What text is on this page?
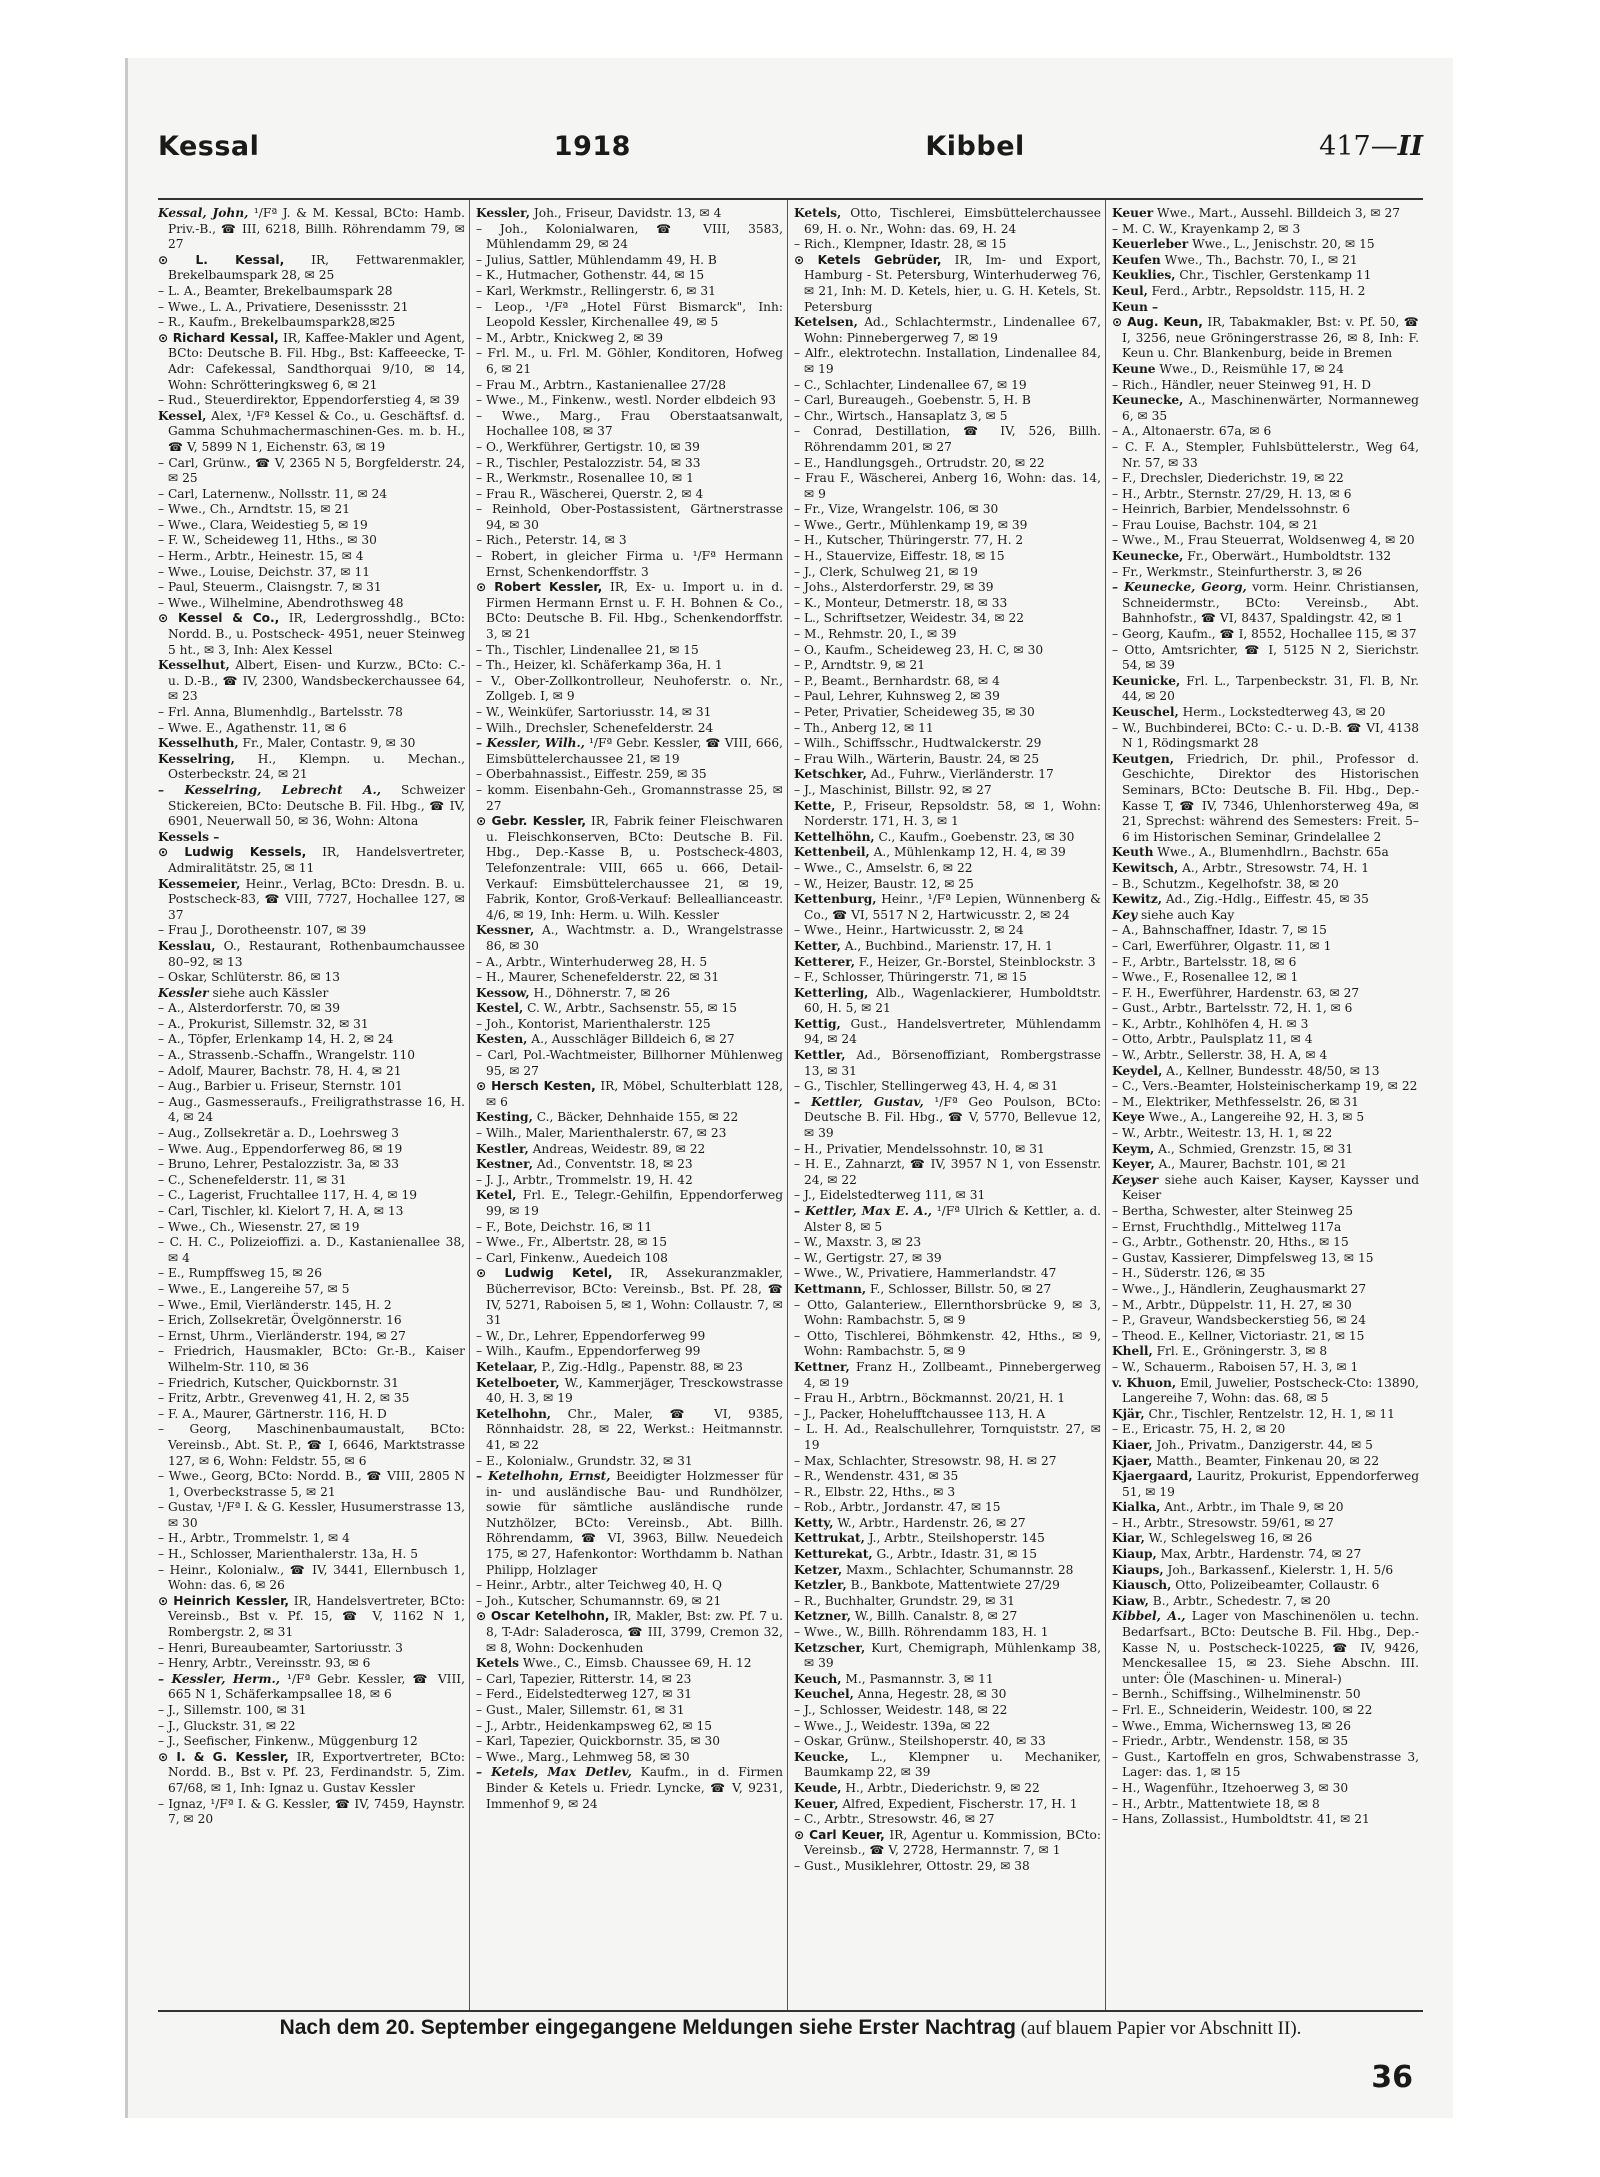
Kessal	1918	Kibbel	417—II

Kessal, John, ¹/Fª J. & M. Kessal, BCto: Hamb. Priv.-B., ☎ III, 6218, Billh. Röhrendamm 79, ✉ 27

⊙ L. Kessal, IR, Fettwarenmakler, Brekelbaumspark 28, ✉ 25

– L. A., Beamter, Brekelbaumspark 28

– Wwe., L. A., Privatiere, Desenissstr. 21

– R., Kaufm., Brekelbaumspark28,✉25

⊙ Richard Kessal, IR, Kaffee-Makler und Agent, BCto: Deutsche B. Fil. Hbg., Bst: Kaffeeecke, T-Adr: Cafekessal, Sandthorquai 9/10, ✉ 14, Wohn: Schrötteringksweg 6, ✉ 21

– Rud., Steuerdirektor, Eppendorferstieg 4, ✉ 39

Kessel, Alex, ¹/Fª Kessel & Co., u. Geschäftsf. d. Gamma Schuhmachermaschinen-Ges. m. b. H., ☎ V, 5899 N 1, Eichenstr. 63, ✉ 19

– Carl, Grünw., ☎ V, 2365 N 5, Borgfelderstr. 24, ✉ 25

– Carl, Laternenw., Nollsstr. 11, ✉ 24

– Wwe., Ch., Arndtstr. 15, ✉ 21

– Wwe., Clara, Weidestieg 5, ✉ 19

– F. W., Scheideweg 11, Hths., ✉ 30

– Herm., Arbtr., Heinestr. 15, ✉ 4

– Wwe., Louise, Deichstr. 37, ✉ 11

– Paul, Steuerm., Claisngstr. 7, ✉ 31

– Wwe., Wilhelmine, Abendrothsweg 48

⊙ Kessel & Co., IR, Ledergrosshdlg., BCto: Nordd. B., u. Postscheck- 4951, neuer Steinweg 5 ht., ✉ 3, Inh: Alex Kessel

Kesselhut, Albert, Eisen- und Kurzw., BCto: C.- u. D.-B., ☎ IV, 2300, Wandsbeckerchaussee 64, ✉ 23

– Frl. Anna, Blumenhdlg., Bartelsstr. 78

– Wwe. E., Agathenstr. 11, ✉ 6

Kesselhuth, Fr., Maler, Contastr. 9, ✉ 30

Kesselring, H., Klempn. u. Mechan., Osterbeckstr. 24, ✉ 21

– Kesselring, Lebrecht A., Schweizer Stickereien, BCto: Deutsche B. Fil. Hbg., ☎ IV, 6901, Neuerwall 50, ✉ 36, Wohn: Altona

Kessels –

⊙ Ludwig Kessels, IR, Handelsvertreter, Admiralitätstr. 25, ✉ 11

Kessemeier, Heinr., Verlag, BCto: Dresdn. B. u. Postscheck-83, ☎ VIII, 7727, Hochallee 127, ✉ 37

– Frau J., Dorotheenstr. 107, ✉ 39

Kesslau, O., Restaurant, Rothenbaumchaussee 80–92, ✉ 13

– Oskar, Schlüterstr. 86, ✉ 13

Kessler siehe auch Kässler

– A., Alsterdorferstr. 70, ✉ 39

– A., Prokurist, Sillemstr. 32, ✉ 31

– A., Töpfer, Erlenkamp 14, H. 2, ✉ 24

– A., Strassenb.-Schaffn., Wrangelstr. 110

– Adolf, Maurer, Bachstr. 78, H. 4, ✉ 21

– Aug., Barbier u. Friseur, Sternstr. 101

– Aug., Gasmesseraufs., Freiligrathstrasse 16, H. 4, ✉ 24

– Aug., Zollsekretär a. D., Loehrsweg 3

– Wwe. Aug., Eppendorferweg 86, ✉ 19

– Bruno, Lehrer, Pestalozzistr. 3a, ✉ 33

– C., Schenefelderstr. 11, ✉ 31

– C., Lagerist, Fruchtallee 117, H. 4, ✉ 19

– Carl, Tischler, kl. Kielort 7, H. A, ✉ 13

– Wwe., Ch., Wiesenstr. 27, ✉ 19

– C. H. C., Polizeioffizi. a. D., Kastanienallee 38, ✉ 4

– E., Rumpffsweg 15, ✉ 26

– Wwe., E., Langereihe 57, ✉ 5

– Wwe., Emil, Vierländerstr. 145, H. 2

– Erich, Zollsekretär, Övelgönnerstr. 16

– Ernst, Uhrm., Vierländerstr. 194, ✉ 27

– Friedrich, Hausmakler, BCto: Gr.-B., Kaiser Wilhelm-Str. 110, ✉ 36

– Friedrich, Kutscher, Quickbornstr. 31

– Fritz, Arbtr., Grevenweg 41, H. 2, ✉ 35

– F. A., Maurer, Gärtnerstr. 116, H. D

– Georg, Maschinenbaumaustalt, BCto: Vereinsb., Abt. St. P., ☎ I, 6646, Marktstrasse 127, ✉ 6, Wohn: Feldstr. 55, ✉ 6

– Wwe., Georg, BCto: Nordd. B., ☎ VIII, 2805 N 1, Overbeckstrasse 5, ✉ 21

– Gustav, ¹/Fª I. & G. Kessler, Husumerstrasse 13, ✉ 30

– H., Arbtr., Trommelstr. 1, ✉ 4

– H., Schlosser, Marienthalerstr. 13a, H. 5

– Heinr., Kolonialw., ☎ IV, 3441, Ellernbusch 1, Wohn: das. 6, ✉ 26

⊙ Heinrich Kessler, IR, Handelsvertreter, BCto: Vereinsb., Bst v. Pf. 15, ☎ V, 1162 N 1, Rombergstr. 2, ✉ 31

– Henri, Bureaubeamter, Sartoriusstr. 3

– Henry, Arbtr., Vereinsstr. 93, ✉ 6

– Kessler, Herm., ¹/Fª Gebr. Kessler, ☎ VIII, 665 N 1, Schäferkampsallee 18, ✉ 6

– J., Sillemstr. 100, ✉ 31

– J., Gluckstr. 31, ✉ 22

– J., Seefischer, Finkenw., Müggenburg 12

⊙ I. & G. Kessler, IR, Exportvertreter, BCto: Nordd. B., Bst v. Pf. 23, Ferdinandstr. 5, Zim. 67/68, ✉ 1, Inh: Ignaz u. Gustav Kessler

– Ignaz, ¹/Fª I. & G. Kessler, ☎ IV, 7459, Haynstr. 7, ✉ 20

Kessler, Joh., Friseur, Davidstr. 13, ✉ 4

– Joh., Kolonialwaren, ☎ VIII, 3583, Mühlendamm 29, ✉ 24

– Julius, Sattler, Mühlendamm 49, H. B

– K., Hutmacher, Gothenstr. 44, ✉ 15

– Karl, Werkmstr., Rellingerstr. 6, ✉ 31

– Leop., ¹/Fª „Hotel Fürst Bismarck", Inh: Leopold Kessler, Kirchenallee 49, ✉ 5

– M., Arbtr., Knickweg 2, ✉ 39

– Frl. M., u. Frl. M. Göhler, Konditoren, Hofweg 6, ✉ 21

– Frau M., Arbtrn., Kastanienallee 27/28

– Wwe., M., Finkenw., westl. Norder elbdeich 93

– Wwe., Marg., Frau Oberstaatsanwalt, Hochallee 108, ✉ 37

– O., Werkführer, Gertigstr. 10, ✉ 39

– R., Tischler, Pestalozzistr. 54, ✉ 33

– R., Werkmstr., Rosenallee 10, ✉ 1

– Frau R., Wäscherei, Querstr. 2, ✉ 4

– Reinhold, Ober-Postassistent, Gärtnerstrasse 94, ✉ 30

– Rich., Peterstr. 14, ✉ 3

– Robert, in gleicher Firma u. ¹/Fª Hermann Ernst, Schenkendorffstr. 3

⊙ Robert Kessler, IR, Ex- u. Import u. in d. Firmen Hermann Ernst u. F. H. Bohnen & Co., BCto: Deutsche B. Fil. Hbg., Schenkendorffstr. 3, ✉ 21

– Th., Tischler, Lindenallee 21, ✉ 15

– Th., Heizer, kl. Schäferkamp 36a, H. 1

– V., Ober-Zollkontrolleur, Neuhoferstr. o. Nr., Zollgeb. I, ✉ 9

– W., Weinküfer, Sartoriusstr. 14, ✉ 31

– Wilh., Drechsler, Schenefelderstr. 24

– Kessler, Wilh., ¹/Fª Gebr. Kessler, ☎ VIII, 666, Eimsbüttelerchaussee 21, ✉ 19

– Oberbahnassist., Eiffestr. 259, ✉ 35

– komm. Eisenbahn-Geh., Gromannstrasse 25, ✉ 27

⊙ Gebr. Kessler, IR, Fabrik feiner Fleischwaren u. Fleischkonserven, BCto: Deutsche B. Fil. Hbg., Dep.-Kasse B, u. Postscheck-4803, Telefonzentrale: VIII, 665 u. 666, Detail-Verkauf: Eimsbüttelerchaussee 21, ✉ 19, Fabrik, Kontor, Groß-Verkauf: Belleallianceastr. 4/6, ✉ 19, Inh: Herm. u. Wilh. Kessler

Kessner, A., Wachtmstr. a. D., Wrangelstrasse 86, ✉ 30

– A., Arbtr., Winterhuderweg 28, H. 5

– H., Maurer, Schenefelderstr. 22, ✉ 31

Kessow, H., Döhnerstr. 7, ✉ 26

Kestel, C. W., Arbtr., Sachsenstr. 55, ✉ 15

– Joh., Kontorist, Marienthalerstr. 125

Kesten, A., Ausschläger Billdeich 6, ✉ 27

– Carl, Pol.-Wachtmeister, Billhorner Mühlenweg 95, ✉ 27

⊙ Hersch Kesten, IR, Möbel, Schulterblatt 128, ✉ 6

Kesting, C., Bäcker, Dehnhaide 155, ✉ 22

– Wilh., Maler, Marienthalerstr. 67, ✉ 23

Kestler, Andreas, Weidestr. 89, ✉ 22

Kestner, Ad., Conventstr. 18, ✉ 23

– J. J., Arbtr., Trommelstr. 19, H. 42

Ketel, Frl. E., Telegr.-Gehilfin, Eppendorferweg 99, ✉ 19

– F., Bote, Deichstr. 16, ✉ 11

– Wwe., Fr., Albertstr. 28, ✉ 15

– Carl, Finkenw., Auedeich 108

⊙ Ludwig Ketel, IR, Assekuranzmakler, Bücherrevisor, BCto: Vereinsb., Bst. Pf. 28, ☎ IV, 5271, Raboisen 5, ✉ 1, Wohn: Collaustr. 7, ✉ 31

– W., Dr., Lehrer, Eppendorferweg 99

– Wilh., Kaufm., Eppendorferweg 99

Ketelaar, P., Zig.-Hdlg., Papenstr. 88, ✉ 23

Ketelboeter, W., Kammerjäger, Tresckowstrasse 40, H. 3, ✉ 19

Ketelhohn, Chr., Maler, ☎ VI, 9385, Rönnhaidstr. 28, ✉ 22, Werkst.: Heitmannstr. 41, ✉ 22

– E., Kolonialw., Grundstr. 32, ✉ 31

– Ketelhohn, Ernst, Beeidigter Holzmesser für in- und ausländische Bau- und Rundhölzer, sowie für sämtliche ausländische runde Nutzhölzer, BCto: Vereinsb., Abt. Billh. Röhrendamm, ☎ VI, 3963, Billw. Neuedeich 175, ✉ 27, Hafenkontor: Worthdamm b. Nathan Philipp, Holzlager

– Heinr., Arbtr., alter Teichweg 40, H. Q

– Joh., Kutscher, Schumannstr. 69, ✉ 21

⊙ Oscar Ketelhohn, IR, Makler, Bst: zw. Pf. 7 u. 8, T-Adr: Saladerosca, ☎ III, 3799, Cremon 32, ✉ 8, Wohn: Dockenhuden

Ketels Wwe., C., Eimsb. Chaussee 69, H. 12

– Carl, Tapezier, Ritterstr. 14, ✉ 23

– Ferd., Eidelstedterweg 127, ✉ 31

– Gust., Maler, Sillemstr. 61, ✉ 31

– J., Arbtr., Heidenkampsweg 62, ✉ 15

– Karl, Tapezier, Quickbornstr. 35, ✉ 30

– Wwe., Marg., Lehmweg 58, ✉ 30

– Ketels, Max Detlev, Kaufm., in d. Firmen Binder & Ketels u. Friedr. Lyncke, ☎ V, 9231, Immenhof 9, ✉ 24

Ketels, Otto, Tischlerei, Eimsbüttelerchaussee 69, H. o. Nr., Wohn: das. 69, H. 24

– Rich., Klempner, Idastr. 28, ✉ 15

⊙ Ketels Gebrüder, IR, Im- und Export, Hamburg - St. Petersburg, Winterhuderweg 76, ✉ 21, Inh: M. D. Ketels, hier, u. G. H. Ketels, St. Petersburg

Ketelsen, Ad., Schlachtermstr., Lindenallee 67, Wohn: Pinnebergerweg 7, ✉ 19

– Alfr., elektrotechn. Installation, Lindenallee 84, ✉ 19

– C., Schlachter, Lindenallee 67, ✉ 19

– Carl, Bureaugeh., Goebenstr. 5, H. B

– Chr., Wirtsch., Hansaplatz 3, ✉ 5

– Conrad, Destillation, ☎ IV, 526, Billh. Röhrendamm 201, ✉ 27

– E., Handlungsgeh., Ortrudstr. 20, ✉ 22

– Frau F., Wäscherei, Anberg 16, Wohn: das. 14, ✉ 9

– Fr., Vize, Wrangelstr. 106, ✉ 30

– Wwe., Gertr., Mühlenkamp 19, ✉ 39

– H., Kutscher, Thüringerstr. 77, H. 2

– H., Stauervize, Eiffestr. 18, ✉ 15

– J., Clerk, Schulweg 21, ✉ 19

– Johs., Alsterdorferstr. 29, ✉ 39

– K., Monteur, Detmerstr. 18, ✉ 33

– L., Schriftsetzer, Weidestr. 34, ✉ 22

– M., Rehmstr. 20, I., ✉ 39

– O., Kaufm., Scheideweg 23, H. C, ✉ 30

– P., Arndtstr. 9, ✉ 21

– P., Beamt., Bernhardstr. 68, ✉ 4

– Paul, Lehrer, Kuhnsweg 2, ✉ 39

– Peter, Privatier, Scheideweg 35, ✉ 30

– Th., Anberg 12, ✉ 11

– Wilh., Schiffsschr., Hudtwalckerstr. 29

– Frau Wilh., Wärterin, Baustr. 24, ✉ 25

Ketschker, Ad., Fuhrw., Vierländerstr. 17

– J., Maschinist, Billstr. 92, ✉ 27

Kette, P., Friseur, Repsoldstr. 58, ✉ 1, Wohn: Norderstr. 171, H. 3, ✉ 1

Kettelhöhn, C., Kaufm., Goebenstr. 23, ✉ 30

Kettenbeil, A., Mühlenkamp 12, H. 4, ✉ 39

– Wwe., C., Amselstr. 6, ✉ 22

– W., Heizer, Baustr. 12, ✉ 25

Kettenburg, Heinr., ¹/Fª Lepien, Wünnenberg & Co., ☎ VI, 5517 N 2, Hartwicusstr. 2, ✉ 24

– Wwe., Heinr., Hartwicusstr. 2, ✉ 24

Ketter, A., Buchbind., Marienstr. 17, H. 1

Ketterer, F., Heizer, Gr.-Borstel, Steinblockstr. 3

– F., Schlosser, Thüringerstr. 71, ✉ 15

Ketterling, Alb., Wagenlackierer, Humboldtstr. 60, H. 5, ✉ 21

Kettig, Gust., Handelsvertreter, Mühlendamm 94, ✉ 24

Kettler, Ad., Börsenoffiziant, Rombergstrasse 13, ✉ 31

– G., Tischler, Stellingerweg 43, H. 4, ✉ 31

– Kettler, Gustav, ¹/Fª Geo Poulson, BCto: Deutsche B. Fil. Hbg., ☎ V, 5770, Bellevue 12, ✉ 39

– H., Privatier, Mendelssohnstr. 10, ✉ 31

– H. E., Zahnarzt, ☎ IV, 3957 N 1, von Essenstr. 24, ✉ 22

– J., Eidelstedterweg 111, ✉ 31

– Kettler, Max E. A., ¹/Fª Ulrich & Kettler, a. d. Alster 8, ✉ 5

– W., Maxstr. 3, ✉ 23

– W., Gertigstr. 27, ✉ 39

– Wwe., W., Privatiere, Hammerlandstr. 47

Kettmann, F., Schlosser, Billstr. 50, ✉ 27

– Otto, Galanteriew., Ellernthorsbrücke 9, ✉ 3, Wohn: Rambachstr. 5, ✉ 9

– Otto, Tischlerei, Böhmkenstr. 42, Hths., ✉ 9, Wohn: Rambachstr. 5, ✉ 9

Kettner, Franz H., Zollbeamt., Pinnebergerweg 4, ✉ 19

– Frau H., Arbtrn., Böckmannst. 20/21, H. 1

– J., Packer, Hohelufftchaussee 113, H. A

– L. H. Ad., Realschullehrer, Tornquiststr. 27, ✉ 19

– Max, Schlachter, Stresowstr. 98, H. ✉ 27

– R., Wendenstr. 431, ✉ 35

– R., Elbstr. 22, Hths., ✉ 3

– Rob., Arbtr., Jordanstr. 47, ✉ 15

Ketty, W., Arbtr., Hardenstr. 26, ✉ 27

Kettrukat, J., Arbtr., Steilshoperstr. 145

Ketturekat, G., Arbtr., Idastr. 31, ✉ 15

Ketzer, Maxm., Schlachter, Schumannstr. 28

Ketzler, B., Bankbote, Mattentwiete 27/29

– R., Buchhalter, Grundstr. 29, ✉ 31

Ketzner, W., Billh. Canalstr. 8, ✉ 27

– Wwe., W., Billh. Röhrendamm 183, H. 1

Ketzscher, Kurt, Chemigraph, Mühlenkamp 38, ✉ 39

Keuch, M., Pasmannstr. 3, ✉ 11

Keuchel, Anna, Hegestr. 28, ✉ 30

– J., Schlosser, Weidestr. 148, ✉ 22

– Wwe., J., Weidestr. 139a, ✉ 22

– Oskar, Grünw., Steilshoperstr. 40, ✉ 33

Keucke, L., Klempner u. Mechaniker, Baumkamp 22, ✉ 39

Keude, H., Arbtr., Diederichstr. 9, ✉ 22

Keuer, Alfred, Expedient, Fischerstr. 17, H. 1

– C., Arbtr., Stresowstr. 46, ✉ 27

⊙ Carl Keuer, IR, Agentur u. Kommission, BCto: Vereinsb., ☎ V, 2728, Hermannstr. 7, ✉ 1

– Gust., Musiklehrer, Ottostr. 29, ✉ 38

Keuer Wwe., Mart., Aussehl. Billdeich 3, ✉ 27

– M. C. W., Krayenkamp 2, ✉ 3

Keuerleber Wwe., L., Jenischstr. 20, ✉ 15

Keufen Wwe., Th., Bachstr. 70, I., ✉ 21

Keuklies, Chr., Tischler, Gerstenkamp 11

Keul, Ferd., Arbtr., Repsoldstr. 115, H. 2

Keun –

⊙ Aug. Keun, IR, Tabakmakler, Bst: v. Pf. 50, ☎ I, 3256, neue Gröningerstrasse 26, ✉ 8, Inh: F. Keun u. Chr. Blankenburg, beide in Bremen

Keune Wwe., D., Reismühle 17, ✉ 24

– Rich., Händler, neuer Steinweg 91, H. D

Keunecke, A., Maschinenwärter, Normanneweg 6, ✉ 35

– A., Altonaerstr. 67a, ✉ 6

– C. F. A., Stempler, Fuhlsbüttelerstr., Weg 64, Nr. 57, ✉ 33

– F., Drechsler, Diederichstr. 19, ✉ 22

– H., Arbtr., Sternstr. 27/29, H. 13, ✉ 6

– Heinrich, Barbier, Mendelssohnstr. 6

– Frau Louise, Bachstr. 104, ✉ 21

– Wwe., M., Frau Steuerrat, Woldsenweg 4, ✉ 20

Keunecke, Fr., Oberwärt., Humboldtstr. 132

– Fr., Werkmstr., Steinfurtherstr. 3, ✉ 26

– Keunecke, Georg, vorm. Heinr. Christiansen, Schneidermstr., BCto: Vereinsb., Abt. Bahnhofstr., ☎ VI, 8437, Spaldingstr. 42, ✉ 1

– Georg, Kaufm., ☎ I, 8552, Hochallee 115, ✉ 37

– Otto, Amtsrichter, ☎ I, 5125 N 2, Sierichstr. 54, ✉ 39

Keunicke, Frl. L., Tarpenbeckstr. 31, Fl. B, Nr. 44, ✉ 20

Keuschel, Herm., Lockstedterweg 43, ✉ 20

– W., Buchbinderei, BCto: C.- u. D.-B. ☎ VI, 4138 N 1, Rödingsmarkt 28

Keutgen, Friedrich, Dr. phil., Professor d. Geschichte, Direktor des Historischen Seminars, BCto: Deutsche B. Fil. Hbg., Dep.-Kasse T, ☎ IV, 7346, Uhlenhorsterweg 49a, ✉ 21, Sprechst: während des Semesters: Freit. 5–6 im Historischen Seminar, Grindelallee 2

Keuth Wwe., A., Blumenhdlrn., Bachstr. 65a

Kewitsch, A., Arbtr., Stresowstr. 74, H. 1

– B., Schutzm., Kegelhofstr. 38, ✉ 20

Kewitz, Ad., Zig.-Hdlg., Eiffestr. 45, ✉ 35

Key siehe auch Kay

– A., Bahnschaffner, Idastr. 7, ✉ 15

– Carl, Ewerführer, Olgastr. 11, ✉ 1

– F., Arbtr., Bartelsstr. 18, ✉ 6

– Wwe., F., Rosenallee 12, ✉ 1

– F. H., Ewerführer, Hardenstr. 63, ✉ 27

– Gust., Arbtr., Bartelsstr. 72, H. 1, ✉ 6

– K., Arbtr., Kohlhöfen 4, H. ✉ 3

– Otto, Arbtr., Paulsplatz 11, ✉ 4

– W., Arbtr., Sellerstr. 38, H. A, ✉ 4

Keydel, A., Kellner, Bundesstr. 48/50, ✉ 13

– C., Vers.-Beamter, Holsteinischerkamp 19, ✉ 22

– M., Elektriker, Methfesselstr. 26, ✉ 31

Keye Wwe., A., Langereihe 92, H. 3, ✉ 5

– W., Arbtr., Weitestr. 13, H. 1, ✉ 22

Keym, A., Schmied, Grenzstr. 15, ✉ 31

Keyer, A., Maurer, Bachstr. 101, ✉ 21

Keyser siehe auch Kaiser, Kayser, Kaysser und Keiser

– Bertha, Schwester, alter Steinweg 25

– Ernst, Fruchthdlg., Mittelweg 117a

– G., Arbtr., Gothenstr. 20, Hths., ✉ 15

– Gustav, Kassierer, Dimpfelsweg 13, ✉ 15

– H., Süderstr. 126, ✉ 35

– Wwe., J., Händlerin, Zeughausmarkt 27

– M., Arbtr., Düppelstr. 11, H. 27, ✉ 30

– P., Graveur, Wandsbeckerstieg 56, ✉ 24

– Theod. E., Kellner, Victoriastr. 21, ✉ 15

Khell, Frl. E., Gröningerstr. 3, ✉ 8

– W., Schauerm., Raboisen 57, H. 3, ✉ 1

v. Khuon, Emil, Juwelier, Postscheck-Cto: 13890, Langereihe 7, Wohn: das. 68, ✉ 5

Kjär, Chr., Tischler, Rentzelstr. 12, H. 1, ✉ 11

– E., Ericastr. 75, H. 2, ✉ 20

Kiaer, Joh., Privatm., Danzigerstr. 44, ✉ 5

Kjaer, Matth., Beamter, Finkenau 20, ✉ 22

Kjaergaard, Lauritz, Prokurist, Eppendorferweg 51, ✉ 19

Kialka, Ant., Arbtr., im Thale 9, ✉ 20

– H., Arbtr., Stresowstr. 59/61, ✉ 27

Kiar, W., Schlegelsweg 16, ✉ 26

Kiaup, Max, Arbtr., Hardenstr. 74, ✉ 27

Kiaups, Joh., Barkassenf., Kielerstr. 1, H. 5/6

Kiausch, Otto, Polizeibeamter, Collaustr. 6

Kiaw, B., Arbtr., Schedestr. 7, ✉ 20

Kibbel, A., Lager von Maschinenölen u. techn. Bedarfsart., BCto: Deutsche B. Fil. Hbg., Dep.-Kasse N, u. Postscheck-10225, ☎ IV, 9426, Menckesallee 15, ✉ 23. Siehe Abschn. III. unter: Öle (Maschinen- u. Mineral-)

– Bernh., Schiffsing., Wilhelminenstr. 50

– Frl. E., Schneiderin, Weidestr. 100, ✉ 22

– Wwe., Emma, Wichernsweg 13, ✉ 26

– Friedr., Arbtr., Wendenstr. 158, ✉ 35

– Gust., Kartoffeln en gros, Schwabenstrasse 3, Lager: das. 1, ✉ 15

– H., Wagenführ., Itzehoerweg 3, ✉ 30

– H., Arbtr., Mattentwiete 18, ✉ 8

– Hans, Zollassist., Humboldtstr. 41, ✉ 21

Nach dem 20. September eingegangene Meldungen siehe Erster Nachtrag (auf blauem Papier vor Abschnitt II).
36
